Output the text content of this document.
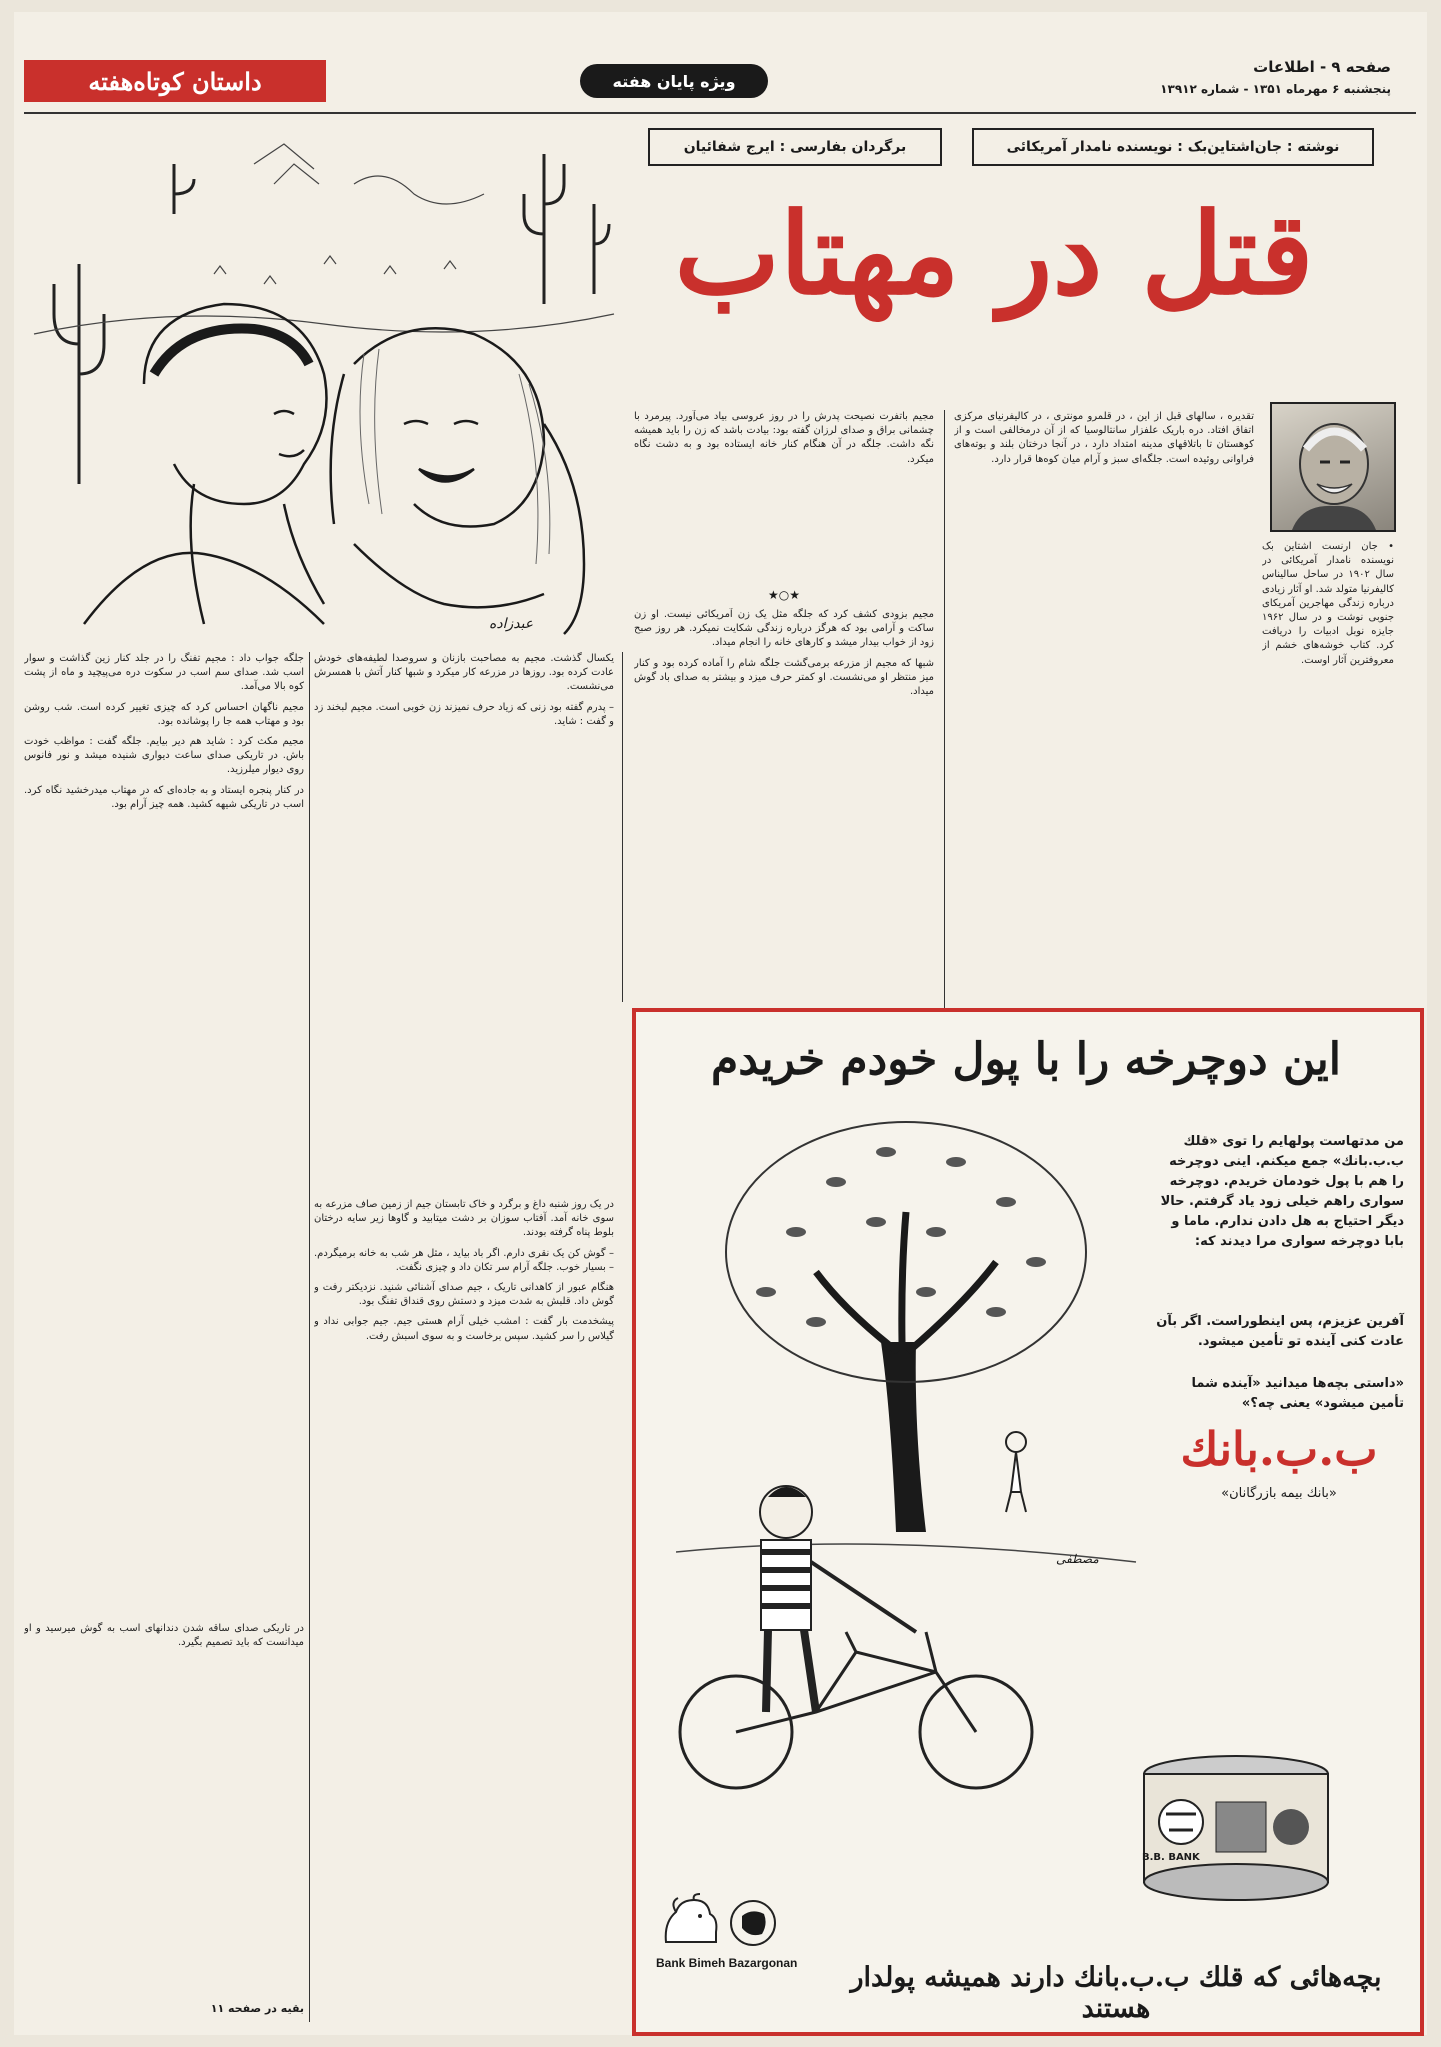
داستان کوتاه‌هفته	ویژه‌ پایان‌ هفته
صفحه ۹ - اطلاعات
پنجشنبه ۶ مهرماه ۱۳۵۱ - شماره ۱۳۹۱۲
نوشته : جان‌اشتاین‌بک : نویسنده نامدار آمریکائی
برگردان بفارسی : ایرج شفائیان
قتل در مهتاب
عبدزاده
• جان ارنست اشتاین بک نویسنده نامدار آمریکائی در سال ۱۹۰۲ در ساحل سالیناس کالیفرنیا متولد شد. او آثار زیادی درباره زندگی مهاجرین آمریکای جنوبی نوشت و در سال ۱۹۶۲ جایزه نوبل ادبیات را دریافت کرد. کتاب خوشه‌های خشم از معروفترین آثار اوست.

تقدیره ، سالهای قبل از این ، در قلمرو مونتری ، در کالیفرنیای مرکزی اتفاق افتاد. دره باریک علفزار سانتالوسیا که از آن درمخالفی است و از کوهستان تا باتلاقهای مدینه امتداد دارد ، در آنجا درختان بلند و بوته‌های فراوانی روئیده است. جلگه‌ای سبز و آرام میان کوه‌ها قرار دارد.

مجیم باتفرت نصیحت پدرش را در روز عروسی بیاد می‌آورد. پیرمرد با چشمانی براق و صدای لرزان گفته بود: بیادت باشد که زن را باید همیشه نگه داشت. جلگه در آن هنگام کنار خانه ایستاده بود و به دشت نگاه میکرد.

★○★

مجیم بزودی کشف کرد که جلگه مثل یک زن آمریکائی نیست. او زن ساکت و آرامی بود که هرگز درباره زندگی شکایت نمیکرد. هر روز صبح زود از خواب بیدار میشد و کارهای خانه را انجام میداد.

شبها که مجیم از مزرعه برمی‌گشت جلگه شام را آماده کرده بود و کنار میز منتظر او می‌نشست. او کمتر حرف میزد و بیشتر به صدای باد گوش میداد.

یکسال گذشت. مجیم به مصاحبت بازنان و سروصدا لطیفه‌های خودش عادت کرده بود. روزها در مزرعه کار میکرد و شبها کنار آتش با همسرش می‌نشست.

– پدرم گفته بود زنی که زیاد حرف نمیزند زن خوبی است. مجیم لبخند زد و گفت : شاید.

جلگه جواب داد : مجیم تفنگ را در جلد کنار زین گذاشت و سوار اسب شد. صدای سم اسب در سکوت دره می‌پیچید و ماه از پشت کوه بالا می‌آمد.

مجیم ناگهان احساس کرد که چیزی تغییر کرده است. شب روشن بود و مهتاب همه جا را پوشانده بود.

مجیم مکث کرد : شاید هم دیر بیایم. جلگه گفت : مواظب خودت باش. در تاریکی صدای ساعت دیواری شنیده میشد و نور فانوس روی دیوار میلرزید.

در کنار پنجره ایستاد و به جاده‌ای که در مهتاب میدرخشید نگاه کرد. اسب در تاریکی شیهه کشید. همه چیز آرام بود.

در یک روز شنبه داغ و برگرد و خاک تابستان جیم از زمین صاف مزرعه به سوی خانه آمد. آفتاب سوزان بر دشت میتابید و گاوها زیر سایه درختان بلوط پناه گرفته بودند.

– گوش کن یک نقری دارم. اگر باد بیاید ، مثل هر شب به خانه برمیگردم. – بسیار خوب. جلگه آرام سر تکان داد و چیزی نگفت.

هنگام عبور از کاهدانی تاریک ، جیم صدای آشنائی شنید. نزدیکتر رفت و گوش داد. قلبش به شدت میزد و دستش روی قنداق تفنگ بود.

پیشخدمت بار گفت : امشب خیلی آرام هستی جیم. جیم جوابی نداد و گیلاس را سر کشید. سپس برخاست و به سوی اسبش رفت.

در تاریکی صدای ساقه شدن دندانهای اسب به گوش میرسید و او میدانست که باید تصمیم بگیرد.

بقیه در صفحه ۱۱
این دوچرخه را با پول خودم خریدم
من مدتهاست پولهایم را توی «قلك ب.ب.بانك» جمع میکنم. اینی دوچرخه را هم با پول خودمان خریدم. دوچرخه سواری راهم خیلی زود یاد گرفتم. حالا دیگر احتیاج به هل دادن ندارم. ماما و بابا دوچرخه سواری مرا دیدند که:
آفرین عزیزم، پس اینطوراست. اگر بآن عادت کنی آینده تو تأمین میشود.
«داستی بچه‌ها میدانید «آینده شما تأمین میشود» یعنی چه؟»
ب.ب.بانك
«بانك بیمه بازرگانان»
مصطفی
B.B. BANK
Bank Bimeh Bazargonan	بچه‌هائی که قلك ب.ب.بانك دارند همیشه پولدار هستند
